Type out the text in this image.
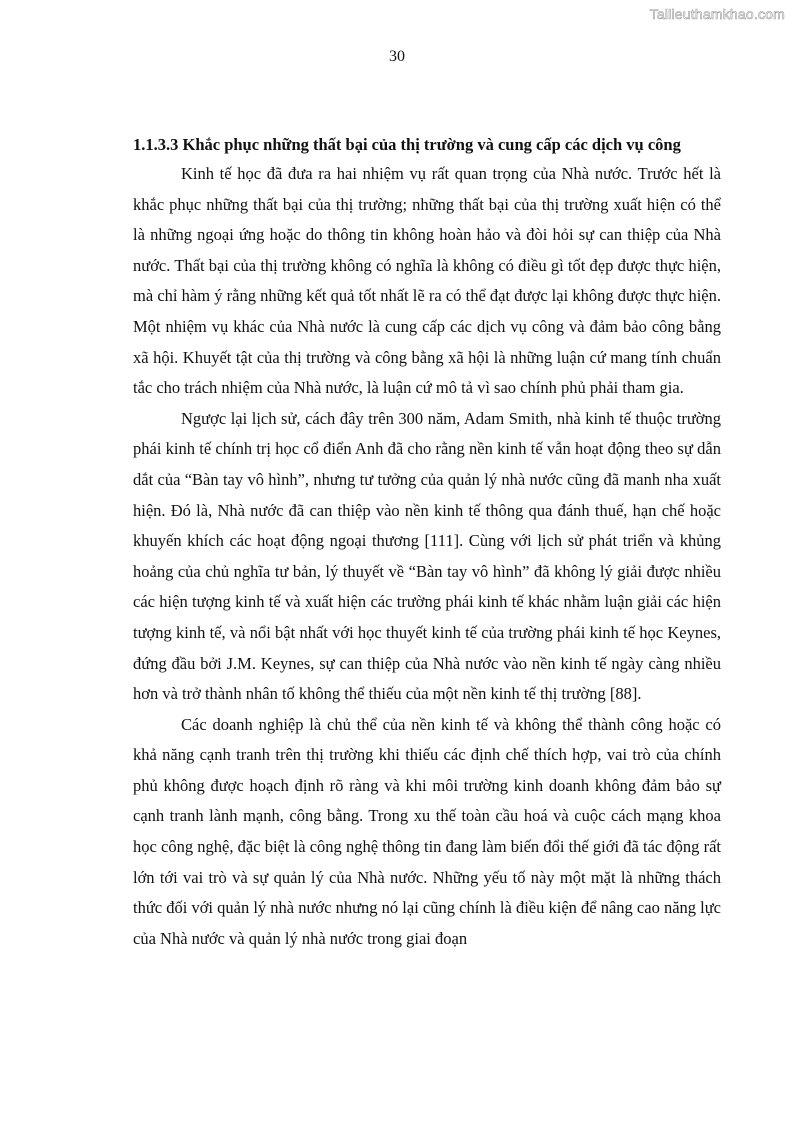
Tailieuthamkhao.com
30
1.1.3.3 Khắc phục những thất bại của thị trường và cung cấp các dịch vụ công

Kinh tế học đã đưa ra hai nhiệm vụ rất quan trọng của Nhà nước. Trước hết là khắc phục những thất bại của thị trường; những thất bại của thị trường xuất hiện có thể là những ngoại ứng hoặc do thông tin không hoàn hảo và đòi hỏi sự can thiệp của Nhà nước. Thất bại của thị trường không có nghĩa là không có điều gì tốt đẹp được thực hiện, mà chỉ hàm ý rằng những kết quả tốt nhất lẽ ra có thể đạt được lại không được thực hiện. Một nhiệm vụ khác của Nhà nước là cung cấp các dịch vụ công và đảm bảo công bằng xã hội. Khuyết tật của thị trường và công bằng xã hội là những luận cứ mang tính chuẩn tắc cho trách nhiệm của Nhà nước, là luận cứ mô tả vì sao chính phủ phải tham gia.

Ngược lại lịch sử, cách đây trên 300 năm, Adam Smith, nhà kinh tế thuộc trường phái kinh tế chính trị học cổ điển Anh đã cho rằng nền kinh tế vẫn hoạt động theo sự dẫn dắt của “Bàn tay vô hình”, nhưng tư tưởng của quản lý nhà nước cũng đã manh nha xuất hiện. Đó là, Nhà nước đã can thiệp vào nền kinh tế thông qua đánh thuế, hạn chế hoặc khuyến khích các hoạt động ngoại thương [111]. Cùng với lịch sử phát triển và khủng hoảng của chủ nghĩa tư bản, lý thuyết về “Bàn tay vô hình” đã không lý giải được nhiều các hiện tượng kinh tế và xuất hiện các trường phái kinh tế khác nhằm luận giải các hiện tượng kinh tế, và nổi bật nhất với học thuyết kinh tế của trường phái kinh tế học Keynes, đứng đầu bởi J.M. Keynes, sự can thiệp của Nhà nước vào nền kinh tế ngày càng nhiều hơn và trở thành nhân tố không thể thiếu của một nền kinh tế thị trường [88].

Các doanh nghiệp là chủ thể của nền kinh tế và không thể thành công hoặc có khả năng cạnh tranh trên thị trường khi thiếu các định chế thích hợp, vai trò của chính phủ không được hoạch định rõ ràng và khi môi trường kinh doanh không đảm bảo sự cạnh tranh lành mạnh, công bằng. Trong xu thế toàn cầu hoá và cuộc cách mạng khoa học công nghệ, đặc biệt là công nghệ thông tin đang làm biến đổi thế giới đã tác động rất lớn tới vai trò và sự quản lý của Nhà nước. Những yếu tố này một mặt là những thách thức đối với quản lý nhà nước nhưng nó lại cũng chính là điều kiện để nâng cao năng lực của Nhà nước và quản lý nhà nước trong giai đoạn
